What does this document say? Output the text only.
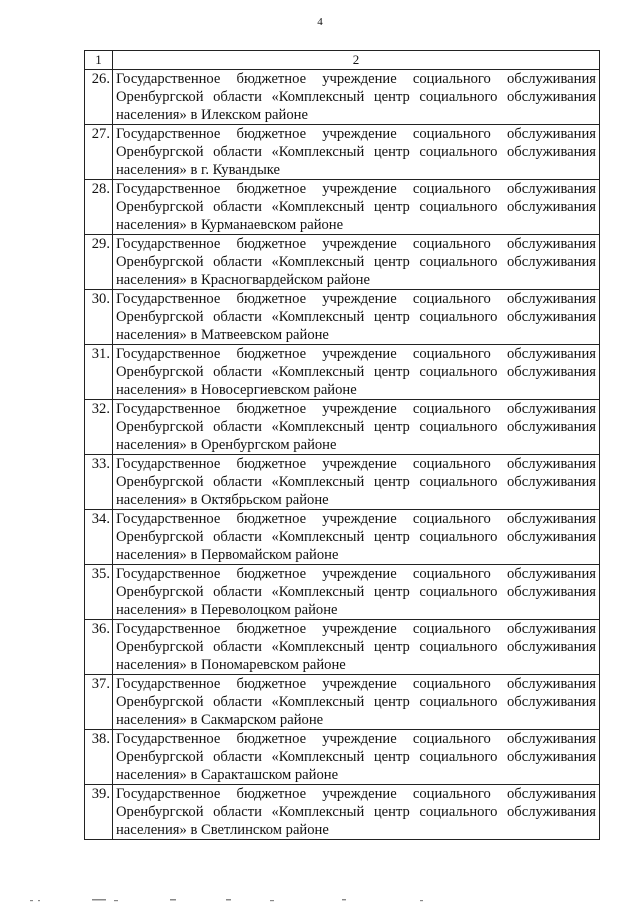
4
1	2
26.	Государственное бюджетное учреждение социального обслуживания Оренбургской области «Комплексный центр социального обслуживания населения» в Илекском районе
27.	Государственное бюджетное учреждение социального обслуживания Оренбургской области «Комплексный центр социального обслуживания населения» в г. Кувандыке
28.	Государственное бюджетное учреждение социального обслуживания Оренбургской области «Комплексный центр социального обслуживания населения» в Курманаевском районе
29.	Государственное бюджетное учреждение социального обслуживания Оренбургской области «Комплексный центр социального обслуживания населения» в Красногвардейском районе
30.	Государственное бюджетное учреждение социального обслуживания Оренбургской области «Комплексный центр социального обслуживания населения» в Матвеевском районе
31.	Государственное бюджетное учреждение социального обслуживания Оренбургской области «Комплексный центр социального обслуживания населения» в Новосергиевском районе
32.	Государственное бюджетное учреждение социального обслуживания Оренбургской области «Комплексный центр социального обслуживания населения» в Оренбургском районе
33.	Государственное бюджетное учреждение социального обслуживания Оренбургской области «Комплексный центр социального обслуживания населения» в Октябрьском районе
34.	Государственное бюджетное учреждение социального обслуживания Оренбургской области «Комплексный центр социального обслуживания населения» в Первомайском районе
35.	Государственное бюджетное учреждение социального обслуживания Оренбургской области «Комплексный центр социального обслуживания населения» в Переволоцком районе
36.	Государственное бюджетное учреждение социального обслуживания Оренбургской области «Комплексный центр социального обслуживания населения» в Пономаревском районе
37.	Государственное бюджетное учреждение социального обслуживания Оренбургской области «Комплексный центр социального обслуживания населения» в Сакмарском районе
38.	Государственное бюджетное учреждение социального обслуживания Оренбургской области «Комплексный центр социального обслуживания населения» в Саракташском районе
39.	Государственное бюджетное учреждение социального обслуживания Оренбургской области «Комплексный центр социального обслуживания населения» в Светлинском районе
